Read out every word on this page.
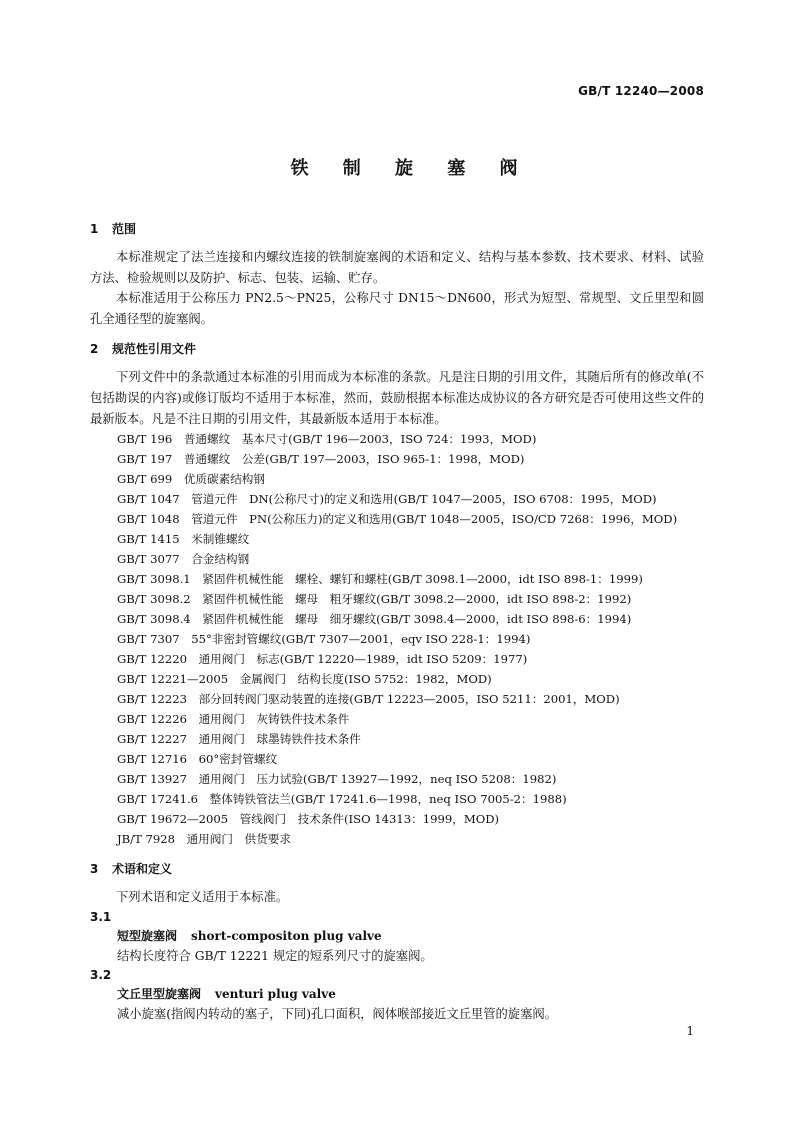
GB/T 12240—2008
铁 制 旋 塞 阀
1 范围

本标准规定了法兰连接和内螺纹连接的铁制旋塞阀的术语和定义、结构与基本参数、技术要求、材料、试验方法、检验规则以及防护、标志、包装、运输、贮存。

本标准适用于公称压力 PN2.5～PN25，公称尺寸 DN15～DN600，形式为短型、常规型、文丘里型和圆孔全通径型的旋塞阀。

2 规范性引用文件

下列文件中的条款通过本标准的引用而成为本标准的条款。凡是注日期的引用文件，其随后所有的修改单(不包括勘误的内容)或修订版均不适用于本标准，然而，鼓励根据本标准达成协议的各方研究是否可使用这些文件的最新版本。凡是不注日期的引用文件，其最新版本适用于本标准。

GB/T 196　普通螺纹　基本尺寸(GB/T 196—2003，ISO 724：1993，MOD)
GB/T 197　普通螺纹　公差(GB/T 197—2003，ISO 965-1：1998，MOD)
GB/T 699　优质碳素结构钢
GB/T 1047　管道元件　DN(公称尺寸)的定义和选用(GB/T 1047—2005，ISO 6708：1995，MOD)
GB/T 1048　管道元件　PN(公称压力)的定义和选用(GB/T 1048—2005，ISO/CD 7268：1996，MOD)
GB/T 1415　米制锥螺纹
GB/T 3077　合金结构钢
GB/T 3098.1　紧固件机械性能　螺栓、螺钉和螺柱(GB/T 3098.1—2000，idt ISO 898-1：1999)
GB/T 3098.2　紧固件机械性能　螺母　粗牙螺纹(GB/T 3098.2—2000，idt ISO 898-2：1992)
GB/T 3098.4　紧固件机械性能　螺母　细牙螺纹(GB/T 3098.4—2000，idt ISO 898-6：1994)
GB/T 7307　55°非密封管螺纹(GB/T 7307—2001，eqv ISO 228-1：1994)
GB/T 12220　通用阀门　标志(GB/T 12220—1989，idt ISO 5209：1977)
GB/T 12221—2005　金属阀门　结构长度(ISO 5752：1982，MOD)
GB/T 12223　部分回转阀门驱动装置的连接(GB/T 12223—2005，ISO 5211：2001，MOD)
GB/T 12226　通用阀门　灰铸铁件技术条件
GB/T 12227　通用阀门　球墨铸铁件技术条件
GB/T 12716　60°密封管螺纹
GB/T 13927　通用阀门　压力试验(GB/T 13927—1992，neq ISO 5208：1982)
GB/T 17241.6　整体铸铁管法兰(GB/T 17241.6—1998，neq ISO 7005-2：1988)
GB/T 19672—2005　管线阀门　技术条件(ISO 14313：1999，MOD)
JB/T 7928　通用阀门　供货要求
3 术语和定义

下列术语和定义适用于本标准。

3.1

短型旋塞阀 short-compositon plug valve

结构长度符合 GB/T 12221 规定的短系列尺寸的旋塞阀。

3.2

文丘里型旋塞阀 venturi plug valve

减小旋塞(指阀内转动的塞子，下同)孔口面积，阀体喉部接近文丘里管的旋塞阀。

1
